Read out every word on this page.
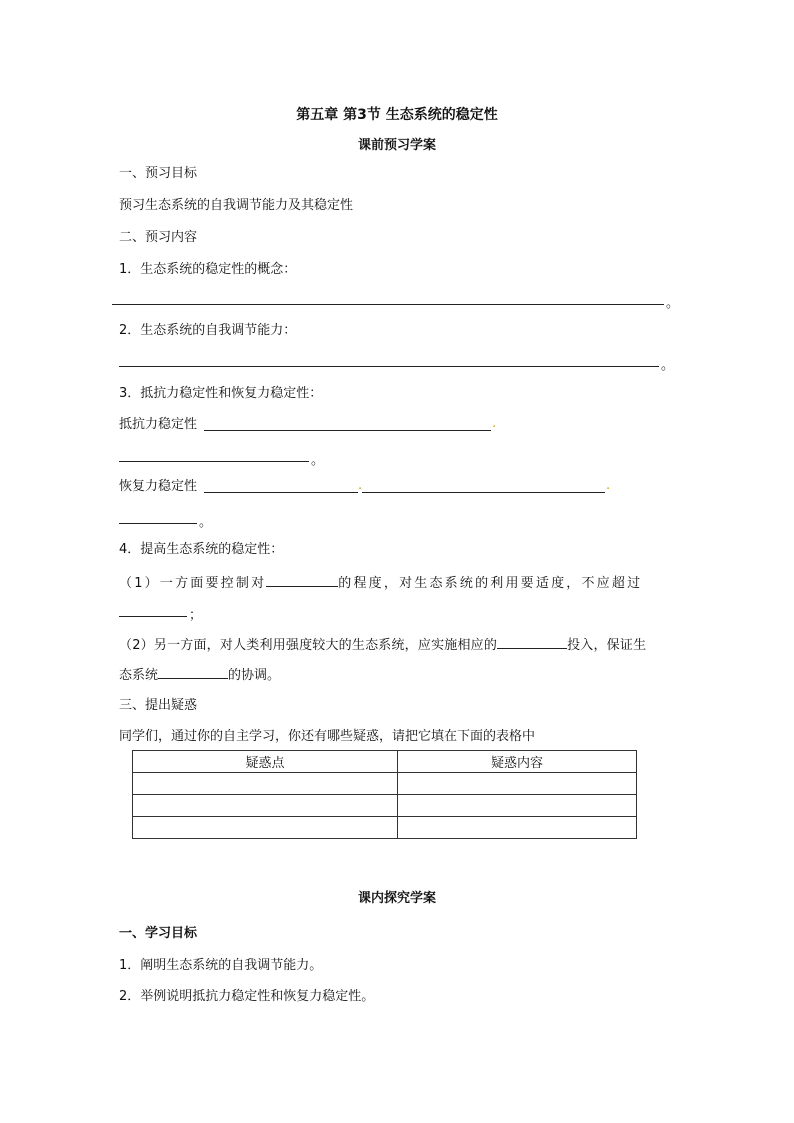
第五章 第3节 生态系统的稳定性
课前预习学案
一、预习目标
预习生态系统的自我调节能力及其稳定性
二、预习内容
1．生态系统的稳定性的概念：
。
2．生态系统的自我调节能力：
。
3．抵抗力稳定性和恢复力稳定性：
抵抗力稳定性	.
。
恢复力稳定性	.	.
。
4．提高生态系统的稳定性：
（1）一方面要控制对	的程度，对生态系统的利用要适度，不应超过
；
（2）另一方面，对人类利用强度较大的生态系统，应实施相应的	投入，保证生
态系统	的协调。
三、提出疑惑
同学们，通过你的自主学习，你还有哪些疑惑，请把它填在下面的表格中
疑惑点	疑惑内容

课内探究学案
一、学习目标
1．阐明生态系统的自我调节能力。
2．举例说明抵抗力稳定性和恢复力稳定性。
